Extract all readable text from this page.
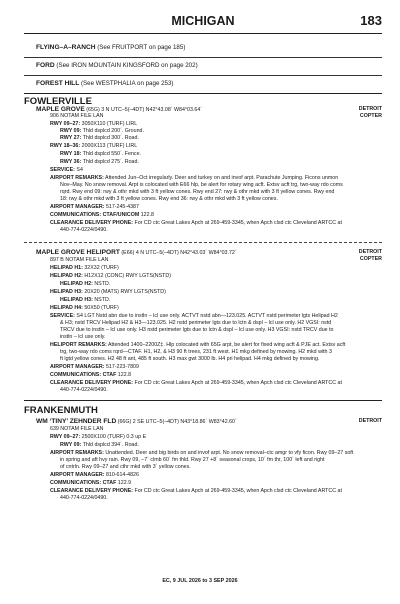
MICHIGAN	183
FLYING–A–RANCH (See FRUITPORT on page 185)
FORD (See IRON MOUNTAIN KINGSFORD on page 202)
FOREST HILL (See WESTPHALIA on page 253)
FOWLERVILLE
MAPLE GROVE (65G) 3 N UTC–5(–4DT) N42°43.08´ W84°03.64´	DETROIT
COPTER
906 NOTAM FILE LAN
RWY 09–27: 3050X110 (TURF) LIRL
RWY 09: Thld dsplcd 200´. Ground.
RWY 27: Thld dsplcd 300´. Road.
RWY 18–36: 2000X113 (TURF) LIRL
RWY 18: Thld dsplcd 550´. Fence.
RWY 36: Thld dsplcd 275´. Road.
SERVICE: S4
AIRPORT REMARKS: Attended Jun–Oct irregularly. Deer and turkey on and invof arpt. Parachute Jumping. Ficons unmon
Nov–May. No snow removal. Arpt is colocated with E66 hlp, be alert for rotary wing acft. Extsv acft trg, two-way rdo coms
rqrd. Rwy end 09: rwy & othr mkd with 3 ft yellow cones. Rwy end 27: rwy & othr mkd with 3 ft yellow cones. Rwy end
18: rwy & othr mkd with 3 ft yellow cones. Rwy end 36: rwy & othr mkd with 3 ft yellow cones.
AIRPORT MANAGER: 517-245-4387
COMMUNICATIONS: CTAF/UNICOM 122.8
CLEARANCE DELIVERY PHONE: For CD ctc Great Lakes Apch at 269-459-3345, when Apch clsd ctc Cleveland ARTCC at
440-774-0224/0490.
MAPLE GROVE HELIPORT (E66) 4 N UTC–5(–4DT) N42°43.03´ W84°03.72´	DETROIT
COPTER
897 B NOTAM FILE LAN
HELIPAD H1: 32X32 (TURF)
HELIPAD H2: H12X12 (CONC) RWY LGTS(NSTD)
HELIPAD H2: NSTD.
HELIPAD H3: 20X20 (MATS) RWY LGTS(NSTD)
HELIPAD H3: NSTD.
HELIPAD H4: 50X50 (TURF)
SERVICE: S4 LGT Nstd abn due to instln – lcl use only. ACTVT nstd abn—123.025. ACTVT nstd perimeter lgts Helipad H2
& H3; nstd TRCV Helipad H2 & H3—123.025. H2 nstd perimeter lgts due to lctn & dspl – lcl use only. H2 VGSI: nstd
TRCV due to instln – lcl use only. H3 nstd perimeter lgts due to lctn & dspl – lcl use only. H3 VGSI: nstd TRCV due to
instln – lcl use only.
HELIPORT REMARKS: Attended 1400–2200Z‡. Hlp colocated with 65G arpt, be alert for fixed wing acft & PJE act. Extsv acft
trg, two-way rdo coms rqrd—CTAF. H1, H2, & H3 90 ft trees, 231 ft west. H1 mkg defined by mowing. H2 mkd with 3
ft lgtd yellow cones. H2 48 ft ant, 485 ft south. H3 max gwt 3000 lb. H4 pri helipad. H4 mkg defined by mowing.
AIRPORT MANAGER: 517-223-7809
COMMUNICATIONS: CTAF 122.8
CLEARANCE DELIVERY PHONE: For CD ctc Great Lakes Apch at 269-459-3345, when Apch clsd ctc Cleveland ARTCC at
440-774-0224/0490.
FRANKENMUTH
WM ‘TINY’ ZEHNDER FLD (66G) 2 SE UTC–5(–4DT) N43°18.86´ W83°42.60´	DETROIT
639 NOTAM FILE LAN
RWY 09–27: 2500X100 (TURF) 0.3 up E
RWY 09: Thld dsplcd 394´. Road.
AIRPORT REMARKS: Unattended. Deer and big birds on and invof arpt. No snow removal–ctc amgr to vfy ficon. Rwy 09–27 soft
in spring and aft hvy rain. Rwy 09, –7´ clmb 60´ fm thld. Rwy 27 +8´ seasonal crops, 10´ fm thr, 100´ left and right
of cntrln. Rwy 09–27 and cthr mkd with 3´ yellow cones.
AIRPORT MANAGER: 810-614-4826
COMMUNICATIONS: CTAF 122.9
CLEARANCE DELIVERY PHONE: For CD ctc Great Lakes Apch at 269-459-3345, when Apch clsd ctc Cleveland ARTCC at
440-774-0224/0490.
EC, 9 JUL 2026 to 3 SEP 2026
